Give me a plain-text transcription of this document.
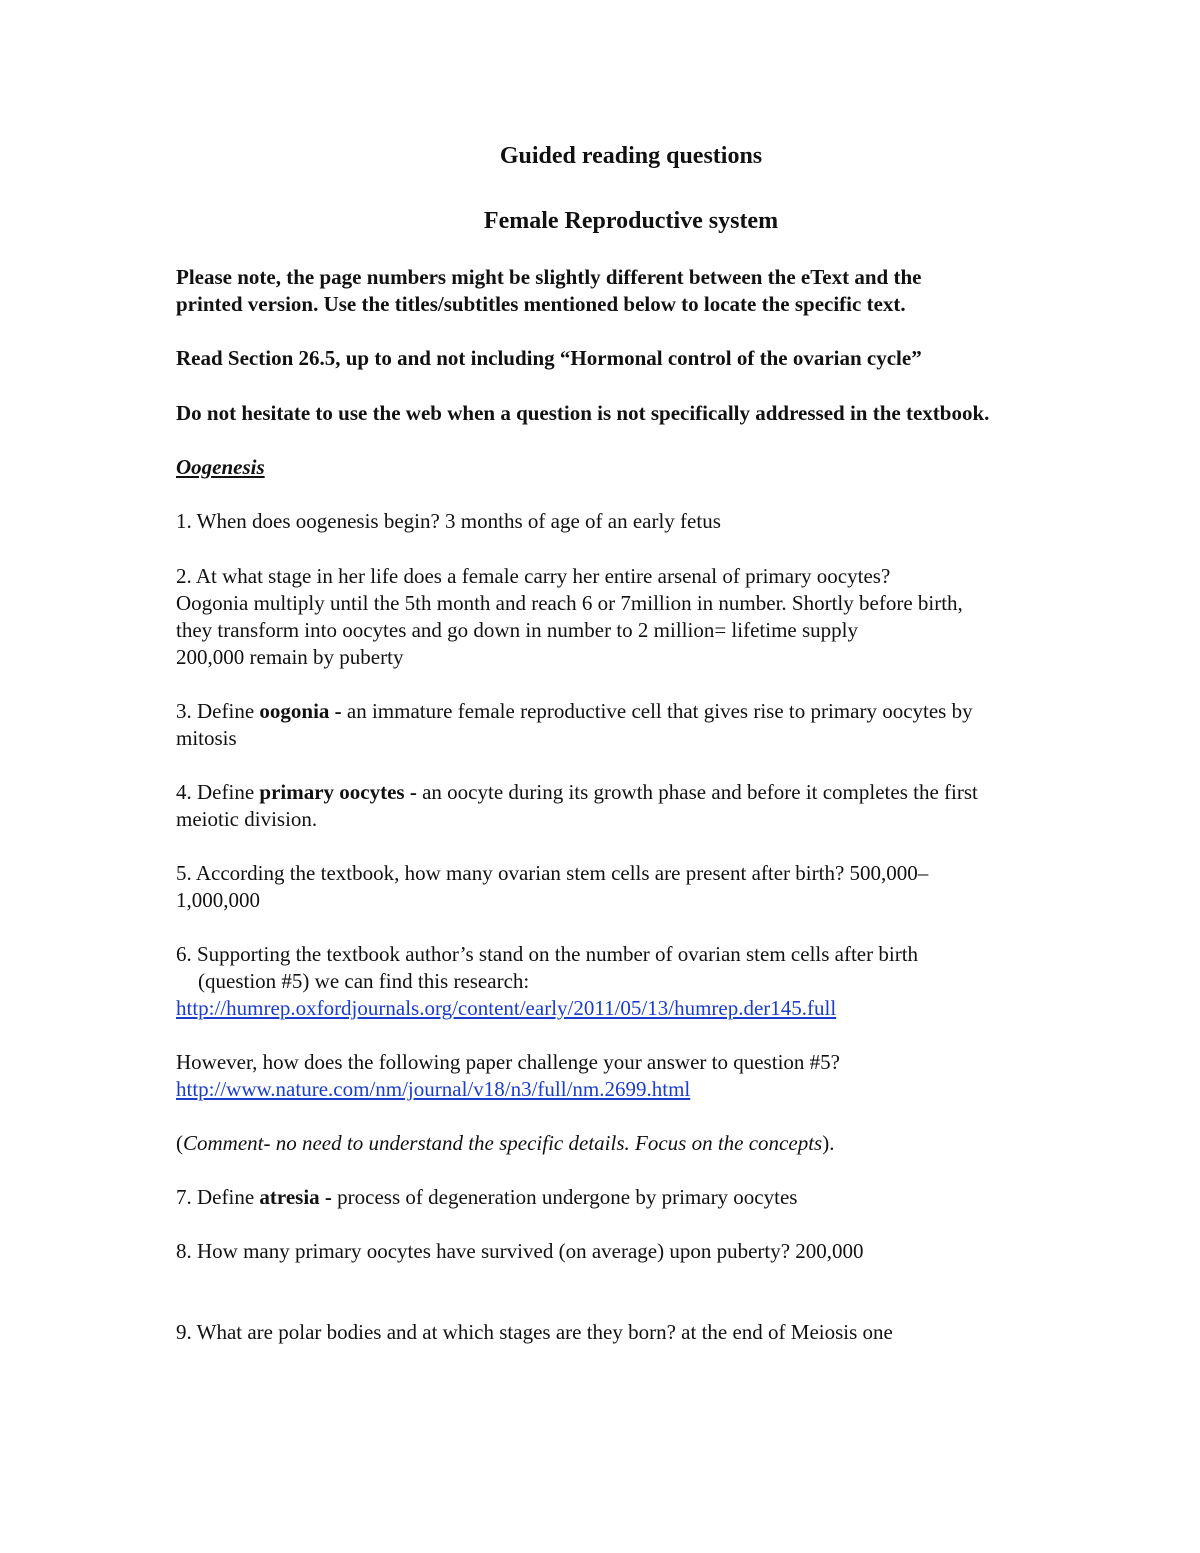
Guided reading questions

Female Reproductive system

Please note, the page numbers might be slightly different between the eText and the

printed version. Use the titles/subtitles mentioned below to locate the specific text.

Read Section 26.5, up to and not including “Hormonal control of the ovarian cycle”

Do not hesitate to use the web when a question is not specifically addressed in the textbook.

Oogenesis

1. When does oogenesis begin? 3 months of age of an early fetus

2. At what stage in her life does a female carry her entire arsenal of primary oocytes?

Oogonia multiply until the 5th month and reach 6 or 7million in number. Shortly before birth,

they transform into oocytes and go down in number to 2 million= lifetime supply

200,000 remain by puberty

3. Define oogonia - an immature female reproductive cell that gives rise to primary oocytes by

mitosis

4. Define primary oocytes - an oocyte during its growth phase and before it completes the first

meiotic division.

5. According the textbook, how many ovarian stem cells are present after birth? 500,000–

1,000,000

6. Supporting the textbook author’s stand on the number of ovarian stem cells after birth

(question #5) we can find this research:

http://humrep.oxfordjournals.org/content/early/2011/05/13/humrep.der145.full

However, how does the following paper challenge your answer to question #5?

http://www.nature.com/nm/journal/v18/n3/full/nm.2699.html

(Comment- no need to understand the specific details. Focus on the concepts).

7. Define atresia - process of degeneration undergone by primary oocytes

8. How many primary oocytes have survived (on average) upon puberty? 200,000

9. What are polar bodies and at which stages are they born? at the end of Meiosis one
